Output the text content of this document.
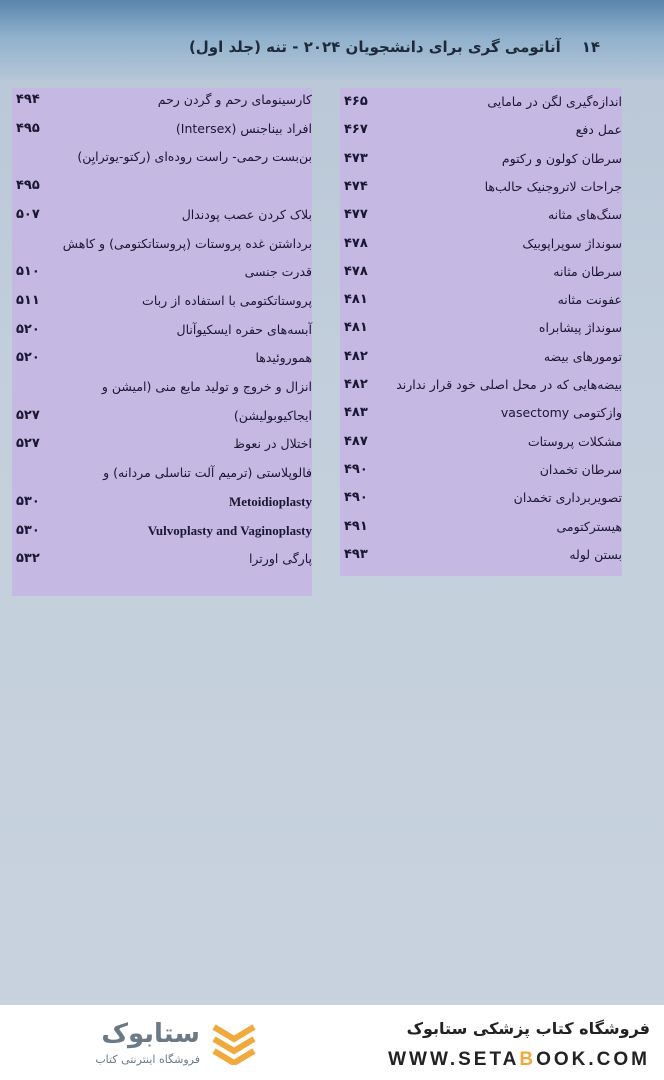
۱۴    آناتومی گری برای دانشجویان ۲۰۲۴ - تنه (جلد اول)
اندازه‌گیری لگن در مامایی
۴۶۵
عمل دفع
۴۶۷
سرطان کولون و رکتوم
۴۷۳
جراحات لاتروجنیک حالب‌ها
۴۷۴
سنگ‌های مثانه
۴۷۷
سونداژ سوپراپوبیک
۴۷۸
سرطان مثانه
۴۷۸
عفونت مثانه
۴۸۱
سونداژ پیشابراه
۴۸۱
تومورهای بیضه
۴۸۲
بیضه‌هایی که در محل اصلی خود قرار ندارند
۴۸۲
وازکتومی vasectomy
۴۸۳
مشکلات پروستات
۴۸۷
سرطان تخمدان
۴۹۰
تصویربرداری تخمدان
۴۹۰
هیسترکتومی
۴۹۱
بستن لوله
۴۹۳
کارسینومای رحم و گردن رحم
۴۹۴
افراد بیناجنس (Intersex)
۴۹۵
بن‌بست رحمی- راست روده‌ای (رکتو-یوترایِن)
۴۹۵
بلاک کردن عصب پودندال
۵۰۷
برداشتن غده پروستات (پروستاتکتومی) و کاهش
قدرت جنسی
۵۱۰
پروستاتکتومی با استفاده از ربات
۵۱۱
آبسه‌های حفره ایسکیوآنال
۵۲۰
هموروئیدها
۵۲۰
انزال و خروج و تولید مایع منی (امیشن و
ایجاکیوبولیشن)
۵۲۷
اختلال در نعوظ
۵۲۷
فالوپلاستی (ترمیم آلت تناسلی مردانه) و
Metoidioplasty
۵۳۰
Vulvoplasty and Vaginoplasty
۵۳۰
پارگی اورترا
۵۳۲
ستابوک
فروشگاه اینترنتی کتاب
فروشگاه کتاب پزشکی ستابوک
WWW.SETABOOK.COM
